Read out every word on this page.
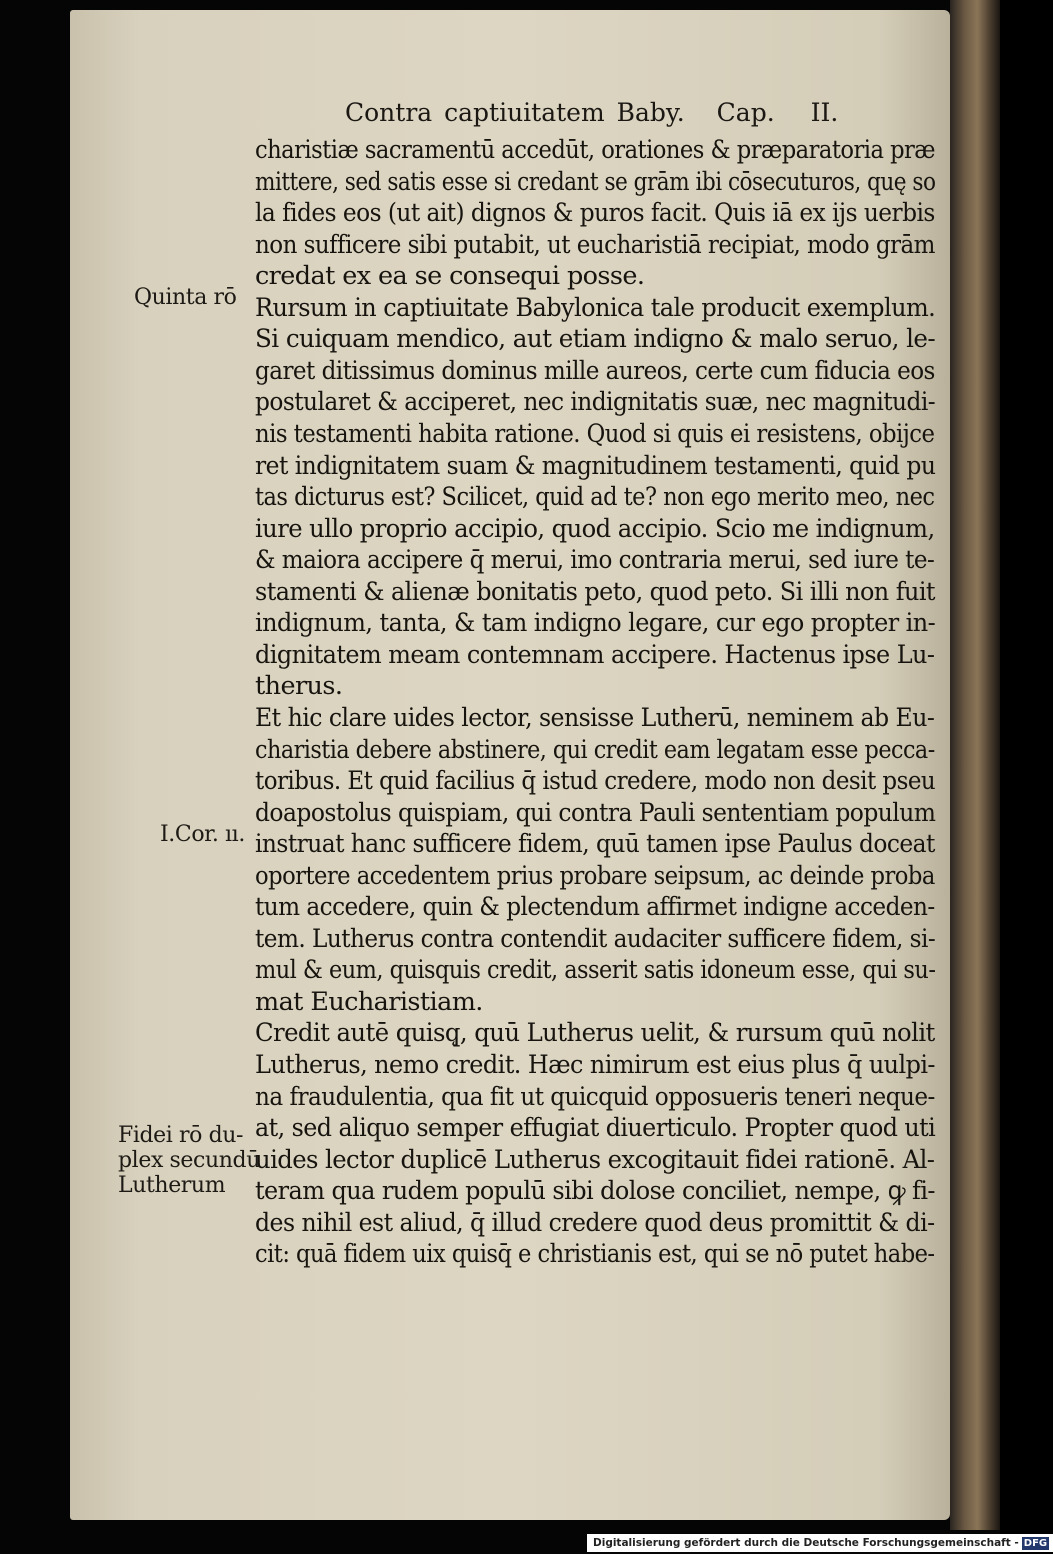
Contra captiuitatem Baby. Cap. II.
charistiæ sacramentū accedūt, orationes & præparatoria præ
mittere, sed satis esse si credant se grām ibi cōsecuturos, quę so
la fides eos (ut ait) dignos & puros facit. Quis iā ex ijs uerbis
non sufficere sibi putabit, ut eucharistiā recipiat, modo grām
credat ex ea se consequi posse.
Rursum in captiuitate Babylonica tale producit exemplum.
Si cuiquam mendico, aut etiam indigno & malo seruo, le-
garet ditissimus dominus mille aureos, certe cum fiducia eos
postularet & acciperet, nec indignitatis suæ, nec magnitudi-
nis testamenti habita ratione. Quod si quis ei resistens, obijce
ret indignitatem suam & magnitudinem testamenti, quid pu
tas dicturus est? Scilicet, quid ad te? non ego merito meo, nec
iure ullo proprio accipio, quod accipio. Scio me indignum,
& maiora accipere q̄ merui, imo contraria merui, sed iure te-
stamenti & alienæ bonitatis peto, quod peto. Si illi non fuit
indignum, tanta, & tam indigno legare, cur ego propter in-
dignitatem meam contemnam accipere. Hactenus ipse Lu-
therus.
Et hic clare uides lector, sensisse Lutherū, neminem ab Eu-
charistia debere abstinere, qui credit eam legatam esse pecca-
toribus. Et quid facilius q̄ istud credere, modo non desit pseu
doapostolus quispiam, qui contra Pauli sententiam populum
instruat hanc sufficere fidem, quū tamen ipse Paulus doceat
oportere accedentem prius probare seipsum, ac deinde proba
tum accedere, quin & plectendum affirmet indigne acceden-
tem. Lutherus contra contendit audaciter sufficere fidem, si-
mul & eum, quisquis credit, asserit satis idoneum esse, qui su-
mat Eucharistiam.
Credit autē quisq̨, quū Lutherus uelit, & rursum quū nolit
Lutherus, nemo credit. Hæc nimirum est eius plus q̄ uulpi-
na fraudulentia, qua fit ut quicquid opposueris teneri neque-
at, sed aliquo semper effugiat diuerticulo. Propter quod uti
uides lector duplicē Lutherus excogitauit fidei rationē. Al-
teram qua rudem populū sibi dolose conciliet, nempe, ꝙ fi-
des nihil est aliud, q̄ illud credere quod deus promittit & di-
cit: quā fidem uix quisq̄ e christianis est, qui se nō putet habe-
Quinta rō
I.Cor. ıı.
Fidei rō du-
plex secundū
Lutherum
Digitalisierung gefördert durch die Deutsche Forschungsgemeinschaft - DFG
